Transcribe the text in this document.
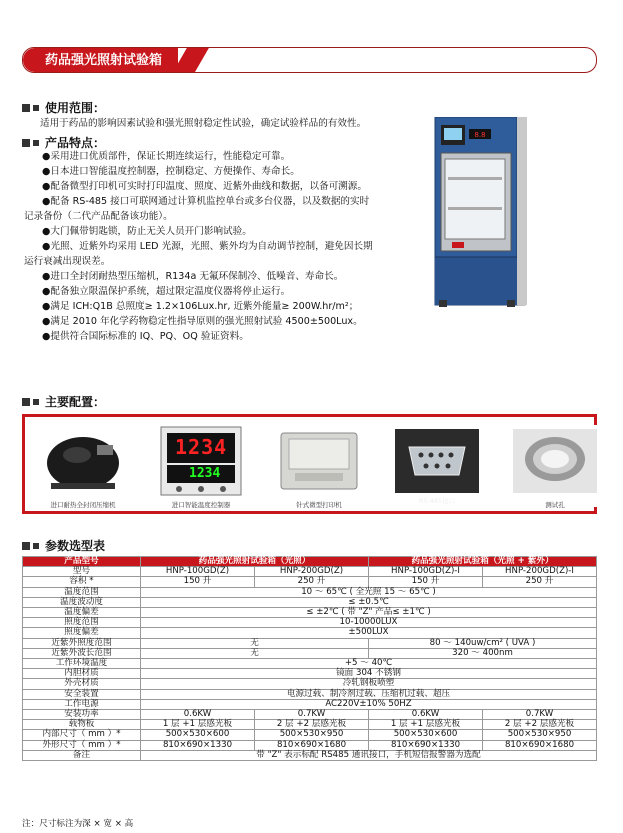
药品强光照射试验箱
使用范围：
适用于药品的影响因素试验和强光照射稳定性试验，确定试验样品的有效性。
产品特点：
●采用进口优质部件，保证长期连续运行，性能稳定可靠。
●日本进口智能温度控制器，控制稳定、方便操作、寿命长。
●配备微型打印机可实时打印温度、照度、近紫外曲线和数据，以备可溯源。
●配备 RS-485 接口可联网通过计算机监控单台或多台仪器，以及数据的实时
记录备份（二代产品配备该功能）。
●大门佩带钥匙锁，防止无关人员开门影响试验。
●光照、近紫外均采用 LED 光源，光照、紫外均为自动调节控制，避免因长期
运行衰减出现误差。
●进口全封闭耐热型压缩机，R134a 无氟环保制冷、低噪音、寿命长。
●配备独立限温保护系统，超过限定温度仪器将停止运行。
●满足 ICH:Q1B 总照度≥ 1.2×106Lux.hr, 近紫外能量≥ 200W.hr/m²；
●满足 2010 年化学药物稳定性指导原则的强光照射试验 4500±500Lux。
●提供符合国际标准的 IQ、PQ、OQ 验证资料。
8.8
主要配置：
进口耐热全封闭压缩机
1234
1234
进口智能温度控制器	针式微型打印机	RS-485接口	测试孔
参数选型表
产品型号	药品强光照射试验箱（光照）		药品强光照射试验箱（光照 + 紫外）	
型号	HNP-100GD(Z)	HNP-200GD(Z)	HNP-100GD(Z)-I	HNP-200GD(Z)-I
容积 *	150 升	250 升	150 升	250 升
温度范围	10 ～ 65℃ ( 全光照 15 ～ 65℃ )			
温度波动度	≤ ±0.5℃			
温度偏差	≤ ±2℃ ( 带 "Z" 产品≤ ±1℃ )			
照度范围	10-10000LUX			
照度偏差	±500LUX			
近紫外照度范围	无		80 ～ 140uw/cm² ( UVA )	
近紫外波长范围	无		320 ～ 400nm	
工作环境温度	+5 ～ 40℃			
内胆材质	镜面 304 不锈钢			
外壳材质	冷轧钢板喷塑			
安全装置	电源过载、制冷剂过载、压缩机过载、超压			
工作电源	AC220V±10% 50HZ			
安装功率	0.6KW	0.7KW	0.6KW	0.7KW
载物板	1 层 +1 层感光板	2 层 +2 层感光板	1 层 +1 层感光板	2 层 +2 层感光板
内部尺寸（ mm ）*	500×530×600	500×530×950	500×530×600	500×530×950
外形尺寸（ mm ）*	810×690×1330	810×690×1680	810×690×1330	810×690×1680
备注	带 "Z" 表示标配 RS485 通讯接口，手机短信报警器为选配			
注：尺寸标注为深 × 宽 × 高
